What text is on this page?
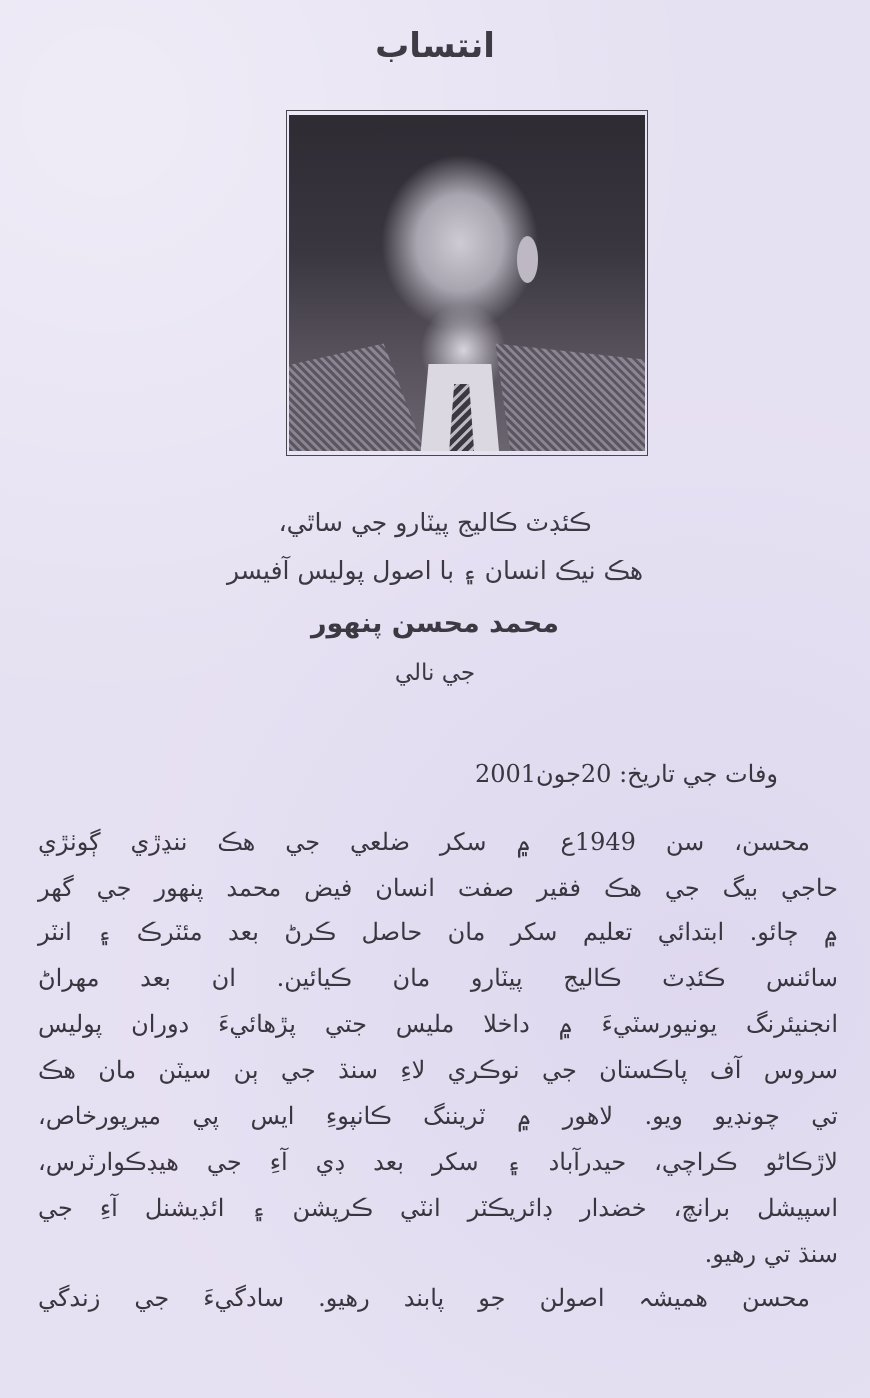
انتساب
ڪئڊٽ ڪاليج پيٽارو جي ساٿي،
هڪ نيڪ انسان ۽ با اصول پوليس آفيسر
محمد محسن پنهور
جي نالي
وفات جي تاريخ: 20جون2001
محسن، سن 1949ع ۾ سکر ضلعي جي هڪ ننڍڙي ڳوٺڙي
حاجي بيگ جي هڪ فقير صفت انسان فيض محمد پنهور جي گهر
۾ ڄائو. ابتدائي تعليم سکر مان حاصل ڪرڻ بعد مئٽرڪ ۽ انٽر
سائنس ڪئڊٽ ڪاليج پيٽارو مان ڪيائين. ان بعد مهراڻ
انجنيئرنگ يونيورسٽيءَ ۾ داخلا مليس جتي پڙهائيءَ دوران پوليس
سروس آف پاڪستان جي نوڪري لاءِ سنڌ جي ٻن سيٽن مان هڪ
تي چونڊيو ويو. لاهور ۾ ٽريننگ ڪانپوءِ ايس پي ميرپورخاص،
لاڙڪاڻو ڪراچي، حيدرآباد ۽ سکر بعد ڊي آءِ جي هيڊڪوارٽرس،
اسپيشل برانچ، خضدار ڊائريڪٽر انٽي ڪرپشن ۽ ائڊيشنل آءِ جي
سنڌ تي رهيو.
محسن هميشہ اصولن جو پابند رهيو. سادگيءَ جي زندگي
